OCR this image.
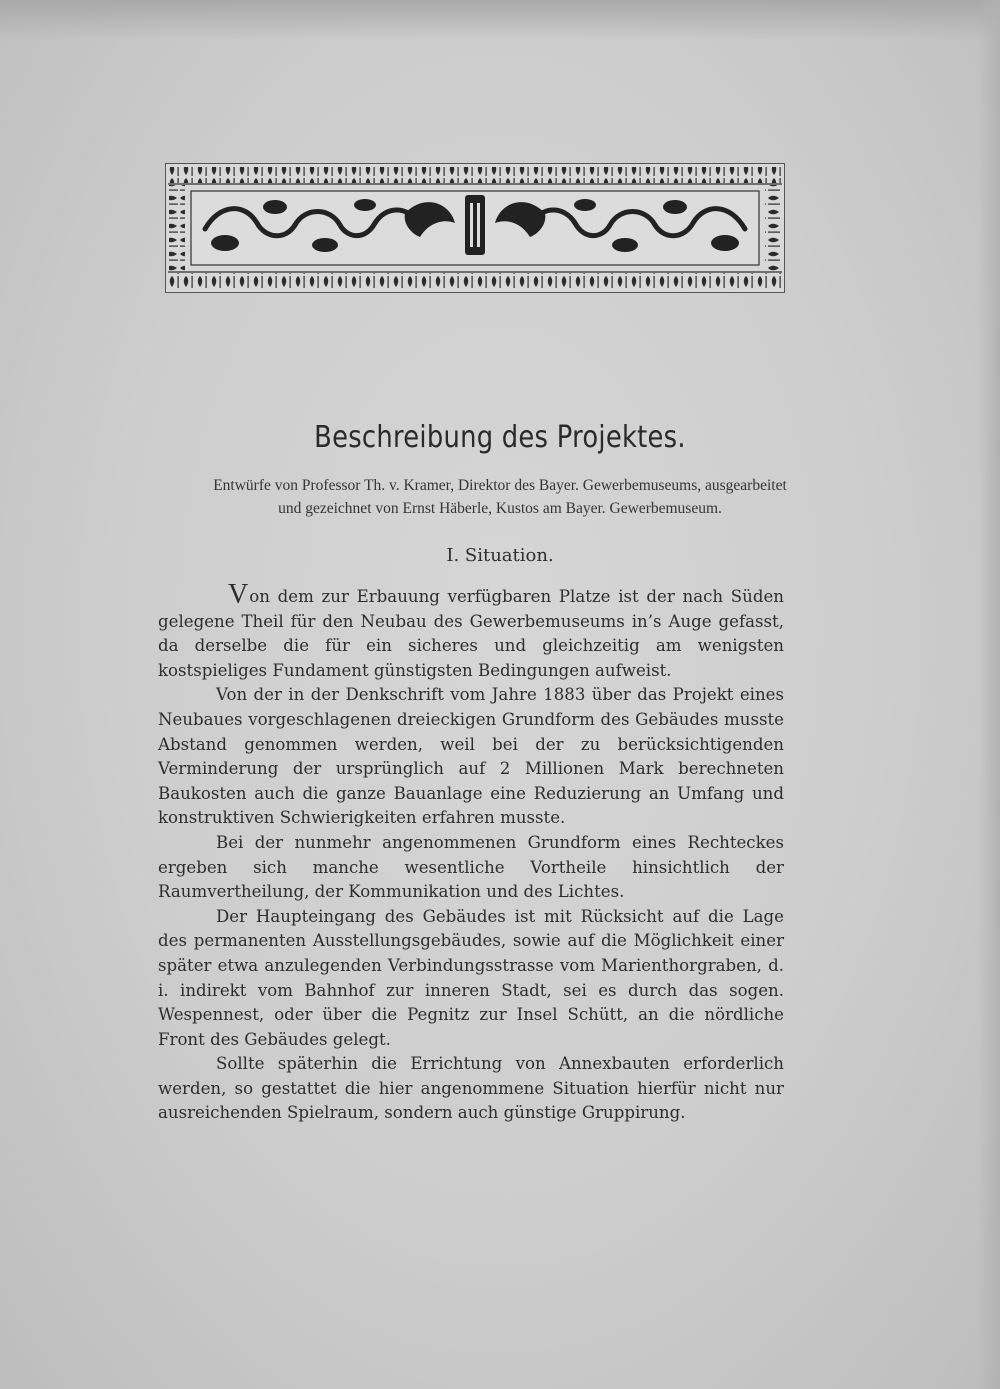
Beschreibung des Projektes.
Entwürfe von Professor Th. v. Kramer, Direktor des Bayer. Gewerbemuseums, ausgearbeitet
und gezeichnet von Ernst Häberle, Kustos am Bayer. Gewerbemuseum.
I. Situation.

Von dem zur Erbauung verfügbaren Platze ist der nach Süden gelegene Theil für den Neubau des Gewerbemuseums in’s Auge gefasst, da derselbe die für ein sicheres und gleichzeitig am wenigsten kostspieliges Fundament günstigsten Bedingungen aufweist.

Von der in der Denkschrift vom Jahre 1883 über das Projekt eines Neubaues vorgeschlagenen dreieckigen Grundform des Gebäudes musste Abstand genommen werden, weil bei der zu berücksichtigenden Verminderung der ursprünglich auf 2 Millionen Mark berechneten Baukosten auch die ganze Bauanlage eine Reduzierung an Umfang und konstruktiven Schwierigkeiten erfahren musste.

Bei der nunmehr angenommenen Grundform eines Rechteckes ergeben sich manche wesentliche Vortheile hinsichtlich der Raumvertheilung, der Kommunikation und des Lichtes.

Der Haupteingang des Gebäudes ist mit Rücksicht auf die Lage des permanenten Ausstellungsgebäudes, sowie auf die Möglichkeit einer später etwa anzulegenden Verbindungsstrasse vom Marienthorgraben, d. i. indirekt vom Bahnhof zur inneren Stadt, sei es durch das sogen. Wespennest, oder über die Pegnitz zur Insel Schütt, an die nördliche Front des Gebäudes gelegt.

Sollte späterhin die Errichtung von Annexbauten erforderlich werden, so gestattet die hier angenommene Situation hierfür nicht nur ausreichenden Spielraum, sondern auch günstige Gruppirung.
